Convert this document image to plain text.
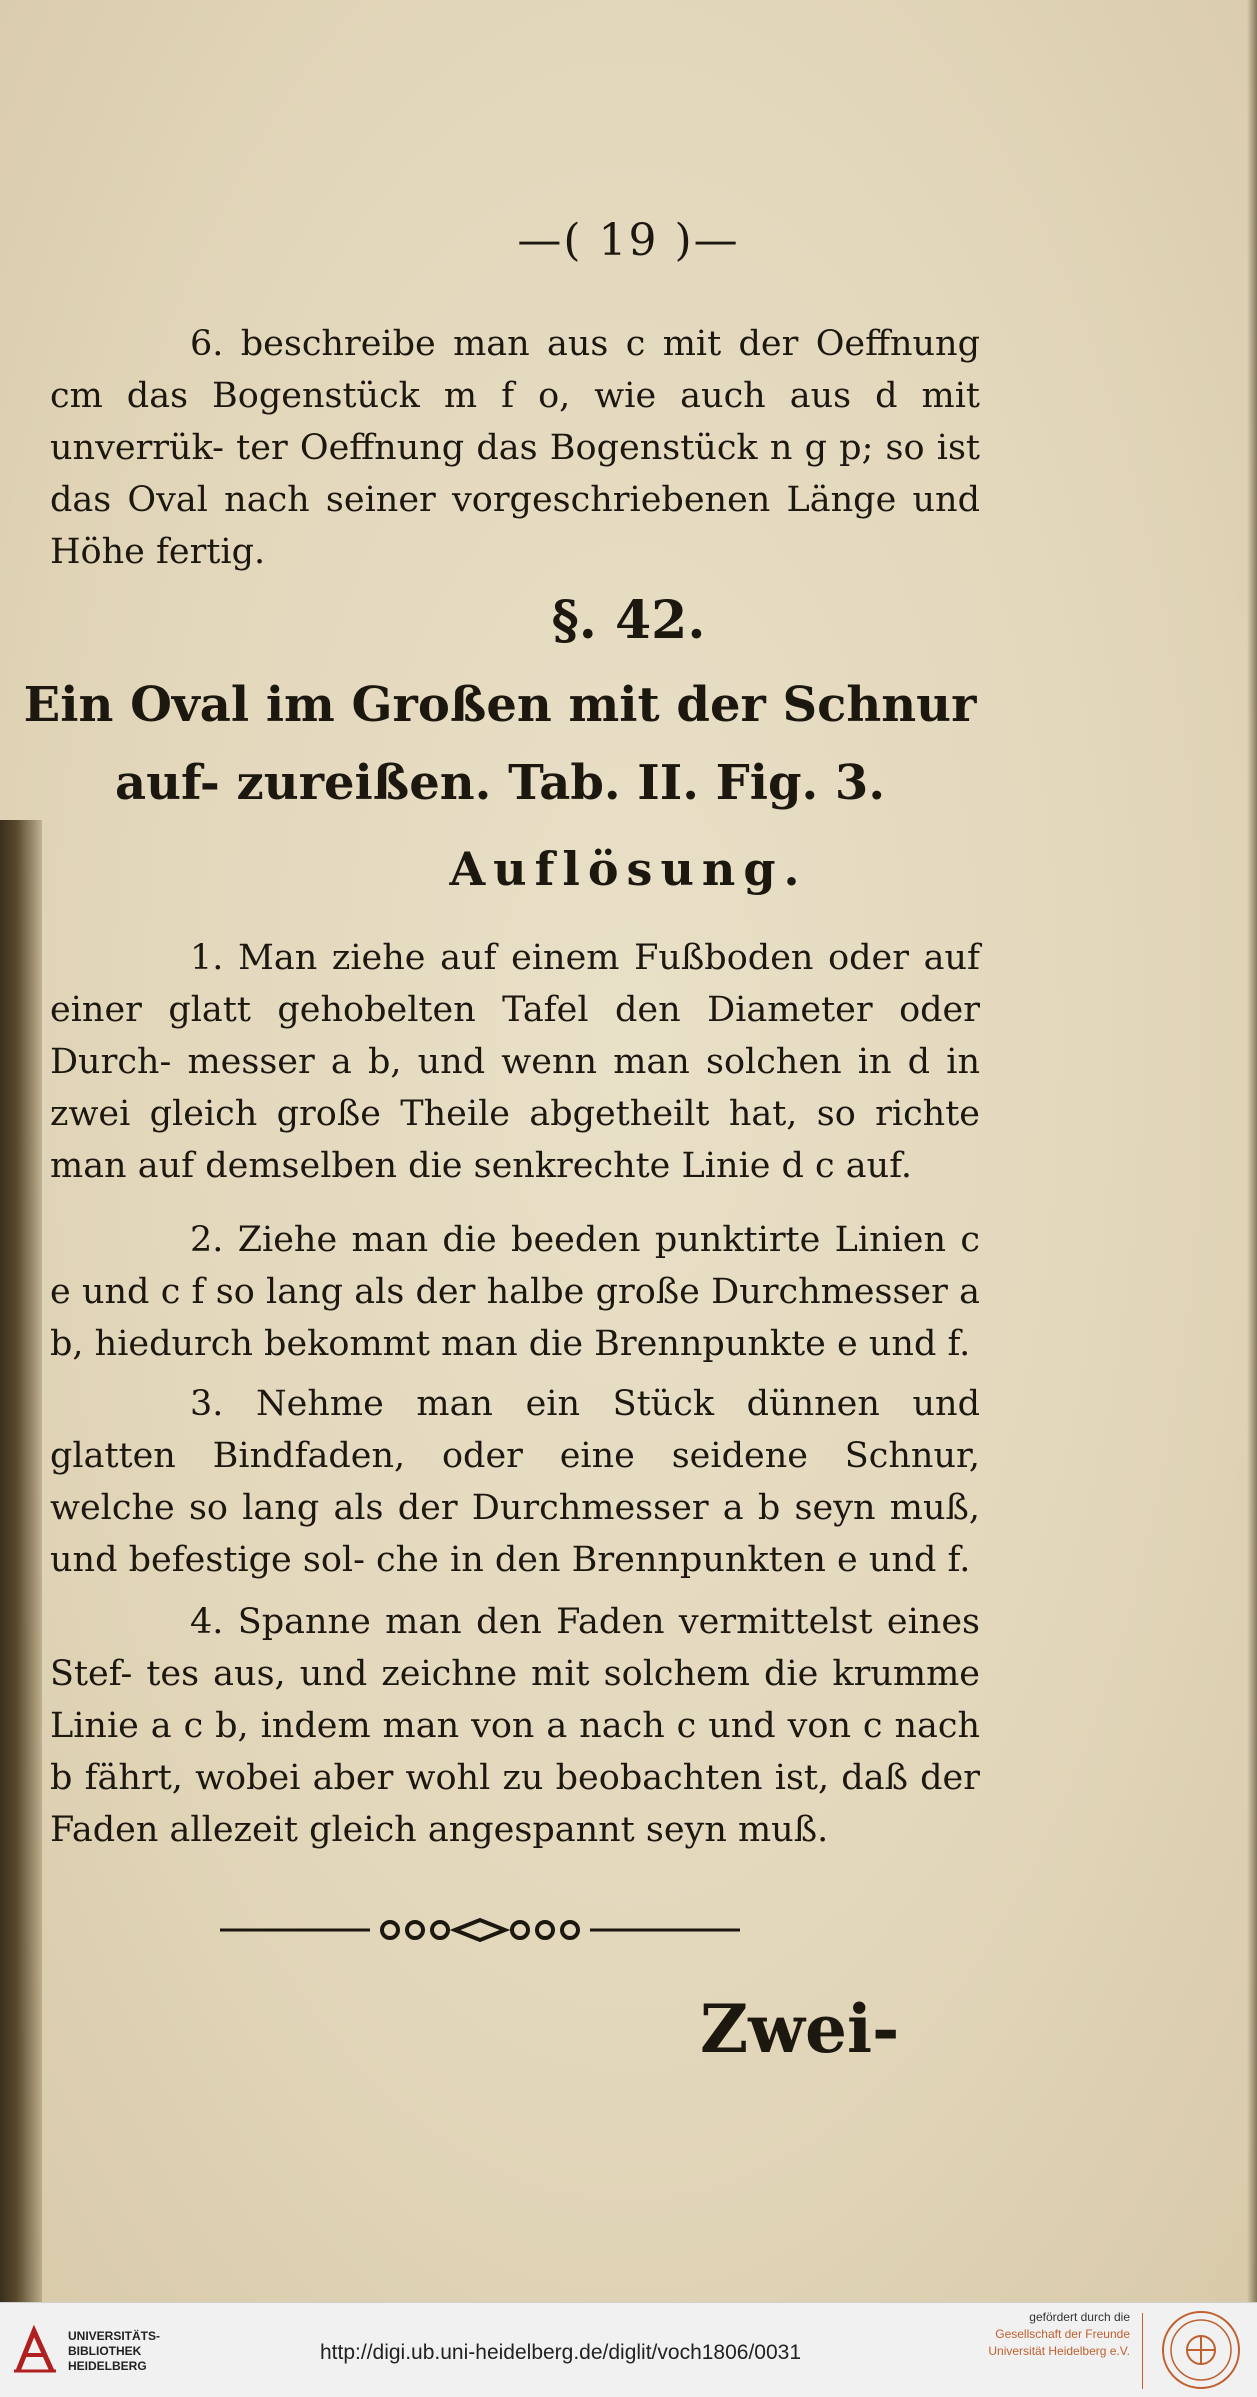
—( 19 )—
6. beschreibe man aus c mit der Oeffnung cm das Bogenstück m f o, wie auch aus d mit unverrük- ter Oeffnung das Bogenstück n g p; so ist das Oval nach seiner vorgeschriebenen Länge und Höhe fertig.
§. 42.
Ein Oval im Großen mit der Schnur auf- zureißen. Tab. II. Fig. 3.
Auflösung.
1. Man ziehe auf einem Fußboden oder auf einer glatt gehobelten Tafel den Diameter oder Durch- messer a b, und wenn man solchen in d in zwei gleich große Theile abgetheilt hat, so richte man auf demselben die senkrechte Linie d c auf.
2. Ziehe man die beeden punktirte Linien c e und c f so lang als der halbe große Durchmesser a b, hiedurch bekommt man die Brennpunkte e und f.
3. Nehme man ein Stück dünnen und glatten Bindfaden, oder eine seidene Schnur, welche so lang als der Durchmesser a b seyn muß, und befestige sol- che in den Brennpunkten e und f.
4. Spanne man den Faden vermittelst eines Stef- tes aus, und zeichne mit solchem die krumme Linie a c b, indem man von a nach c und von c nach b fährt, wobei aber wohl zu beobachten ist, daß der Faden allezeit gleich angespannt seyn muß.
Zwei-
UNIVERSITÄTS-
BIBLIOTHEK
HEIDELBERG
http://digi.ub.uni-heidelberg.de/diglit/voch1806/0031
gefördert durch die
Gesellschaft der Freunde
Universität Heidelberg e.V.
